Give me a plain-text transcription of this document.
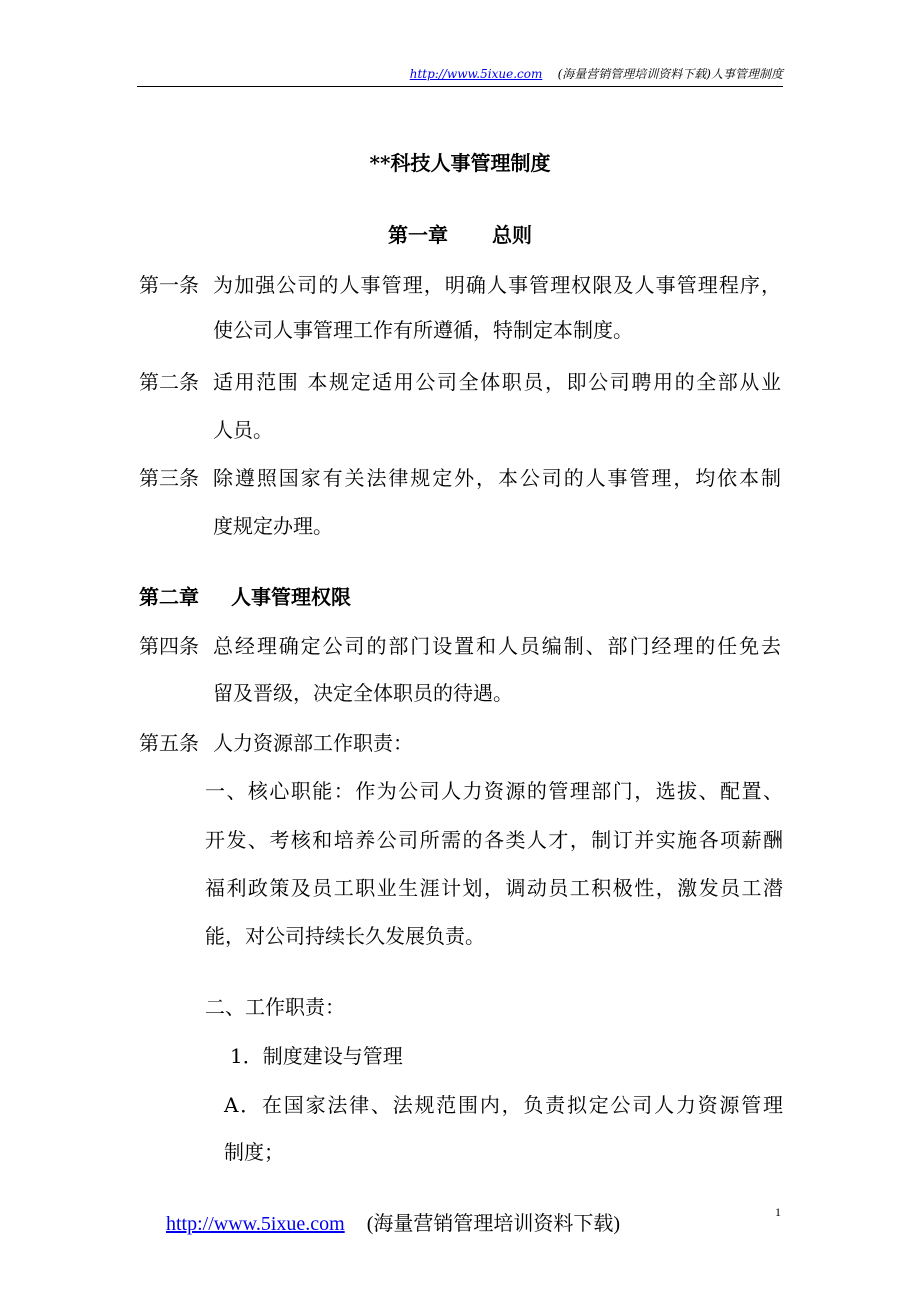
http://www.5ixue.com (海量营销管理培训资料下载)人事管理制度
**科技人事管理制度
第一章 总则
第一条 为加强公司的人事管理，明确人事管理权限及人事管理程序，
使公司人事管理工作有所遵循，特制定本制度。
第二条 适用范围 本规定适用公司全体职员，即公司聘用的全部从业
人员。
第三条 除遵照国家有关法律规定外，本公司的人事管理，均依本制
度规定办理。
第二章 人事管理权限
第四条 总经理确定公司的部门设置和人员编制、部门经理的任免去
留及晋级，决定全体职员的待遇。
第五条 人力资源部工作职责：
一、核心职能：作为公司人力资源的管理部门，选拔、配置、
开发、考核和培养公司所需的各类人才，制订并实施各项薪酬
福利政策及员工职业生涯计划，调动员工积极性，激发员工潜
能，对公司持续长久发展负责。
二、工作职责：
1．制度建设与管理
A．在国家法律、法规范围内，负责拟定公司人力资源管理
制度；
http://www.5ixue.com (海量营销管理培训资料下载)
1
